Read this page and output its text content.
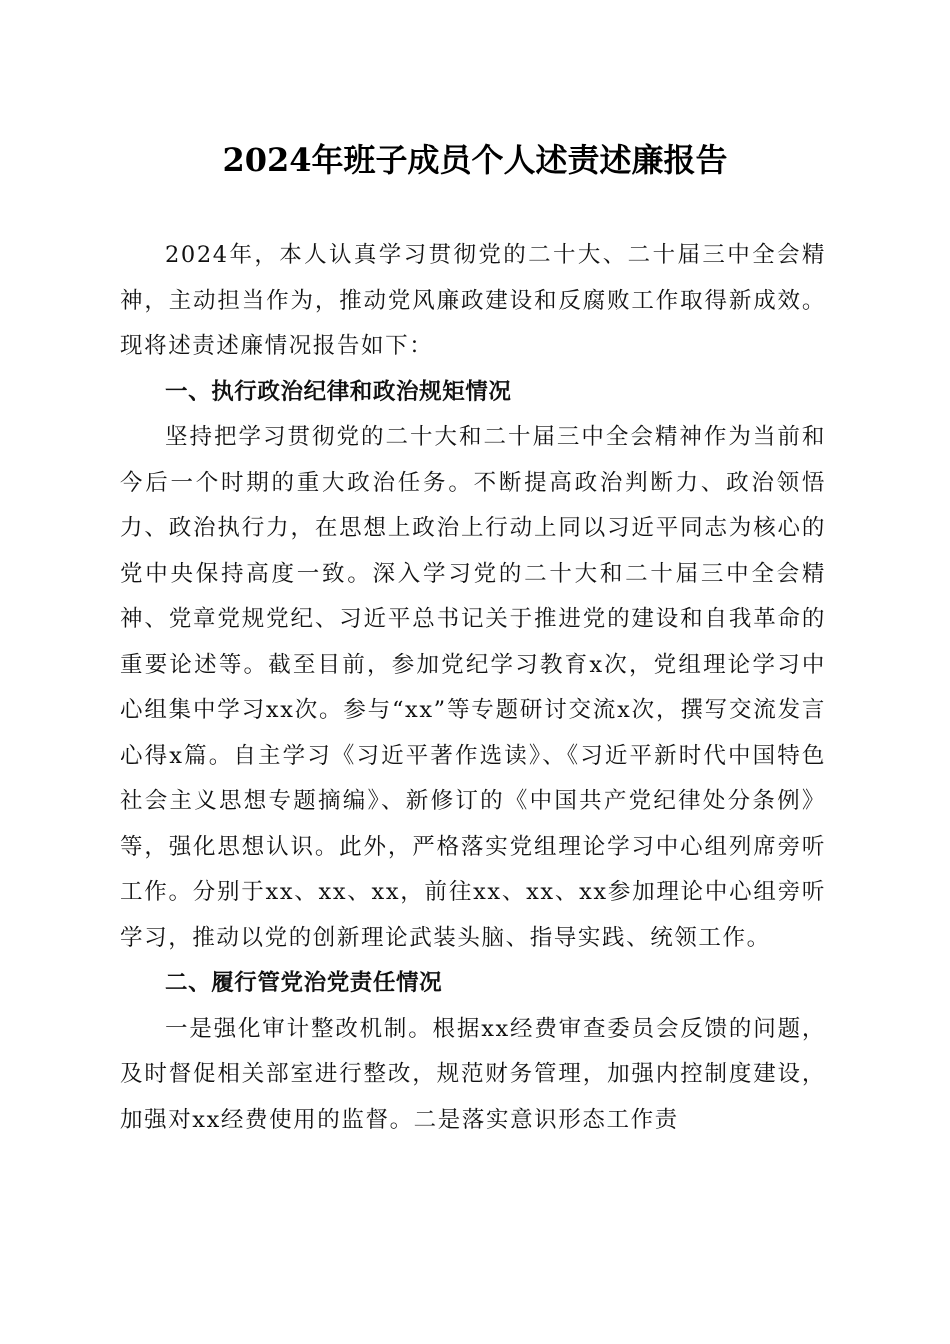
2024年班子成员个人述责述廉报告

2024年，本人认真学习贯彻党的二十大、二十届三中全会精神，主动担当作为，推动党风廉政建设和反腐败工作取得新成效。现将述责述廉情况报告如下：

一、执行政治纪律和政治规矩情况

坚持把学习贯彻党的二十大和二十届三中全会精神作为当前和今后一个时期的重大政治任务。不断提高政治判断力、政治领悟力、政治执行力，在思想上政治上行动上同以习近平同志为核心的党中央保持高度一致。深入学习党的二十大和二十届三中全会精神、党章党规党纪、习近平总书记关于推进党的建设和自我革命的重要论述等。截至目前，参加党纪学习教育x次，党组理论学习中心组集中学习xx次。参与“xx”等专题研讨交流x次，撰写交流发言心得x篇。自主学习《习近平著作选读》、《习近平新时代中国特色社会主义思想专题摘编》、新修订的《中国共产党纪律处分条例》等，强化思想认识。此外，严格落实党组理论学习中心组列席旁听工作。分别于xx、xx、xx，前往xx、xx、xx参加理论中心组旁听学习，推动以党的创新理论武装头脑、指导实践、统领工作。

二、履行管党治党责任情况

一是强化审计整改机制。根据xx经费审查委员会反馈的问题，及时督促相关部室进行整改，规范财务管理，加强内控制度建设，加强对xx经费使用的监督。二是落实意识形态工作责
